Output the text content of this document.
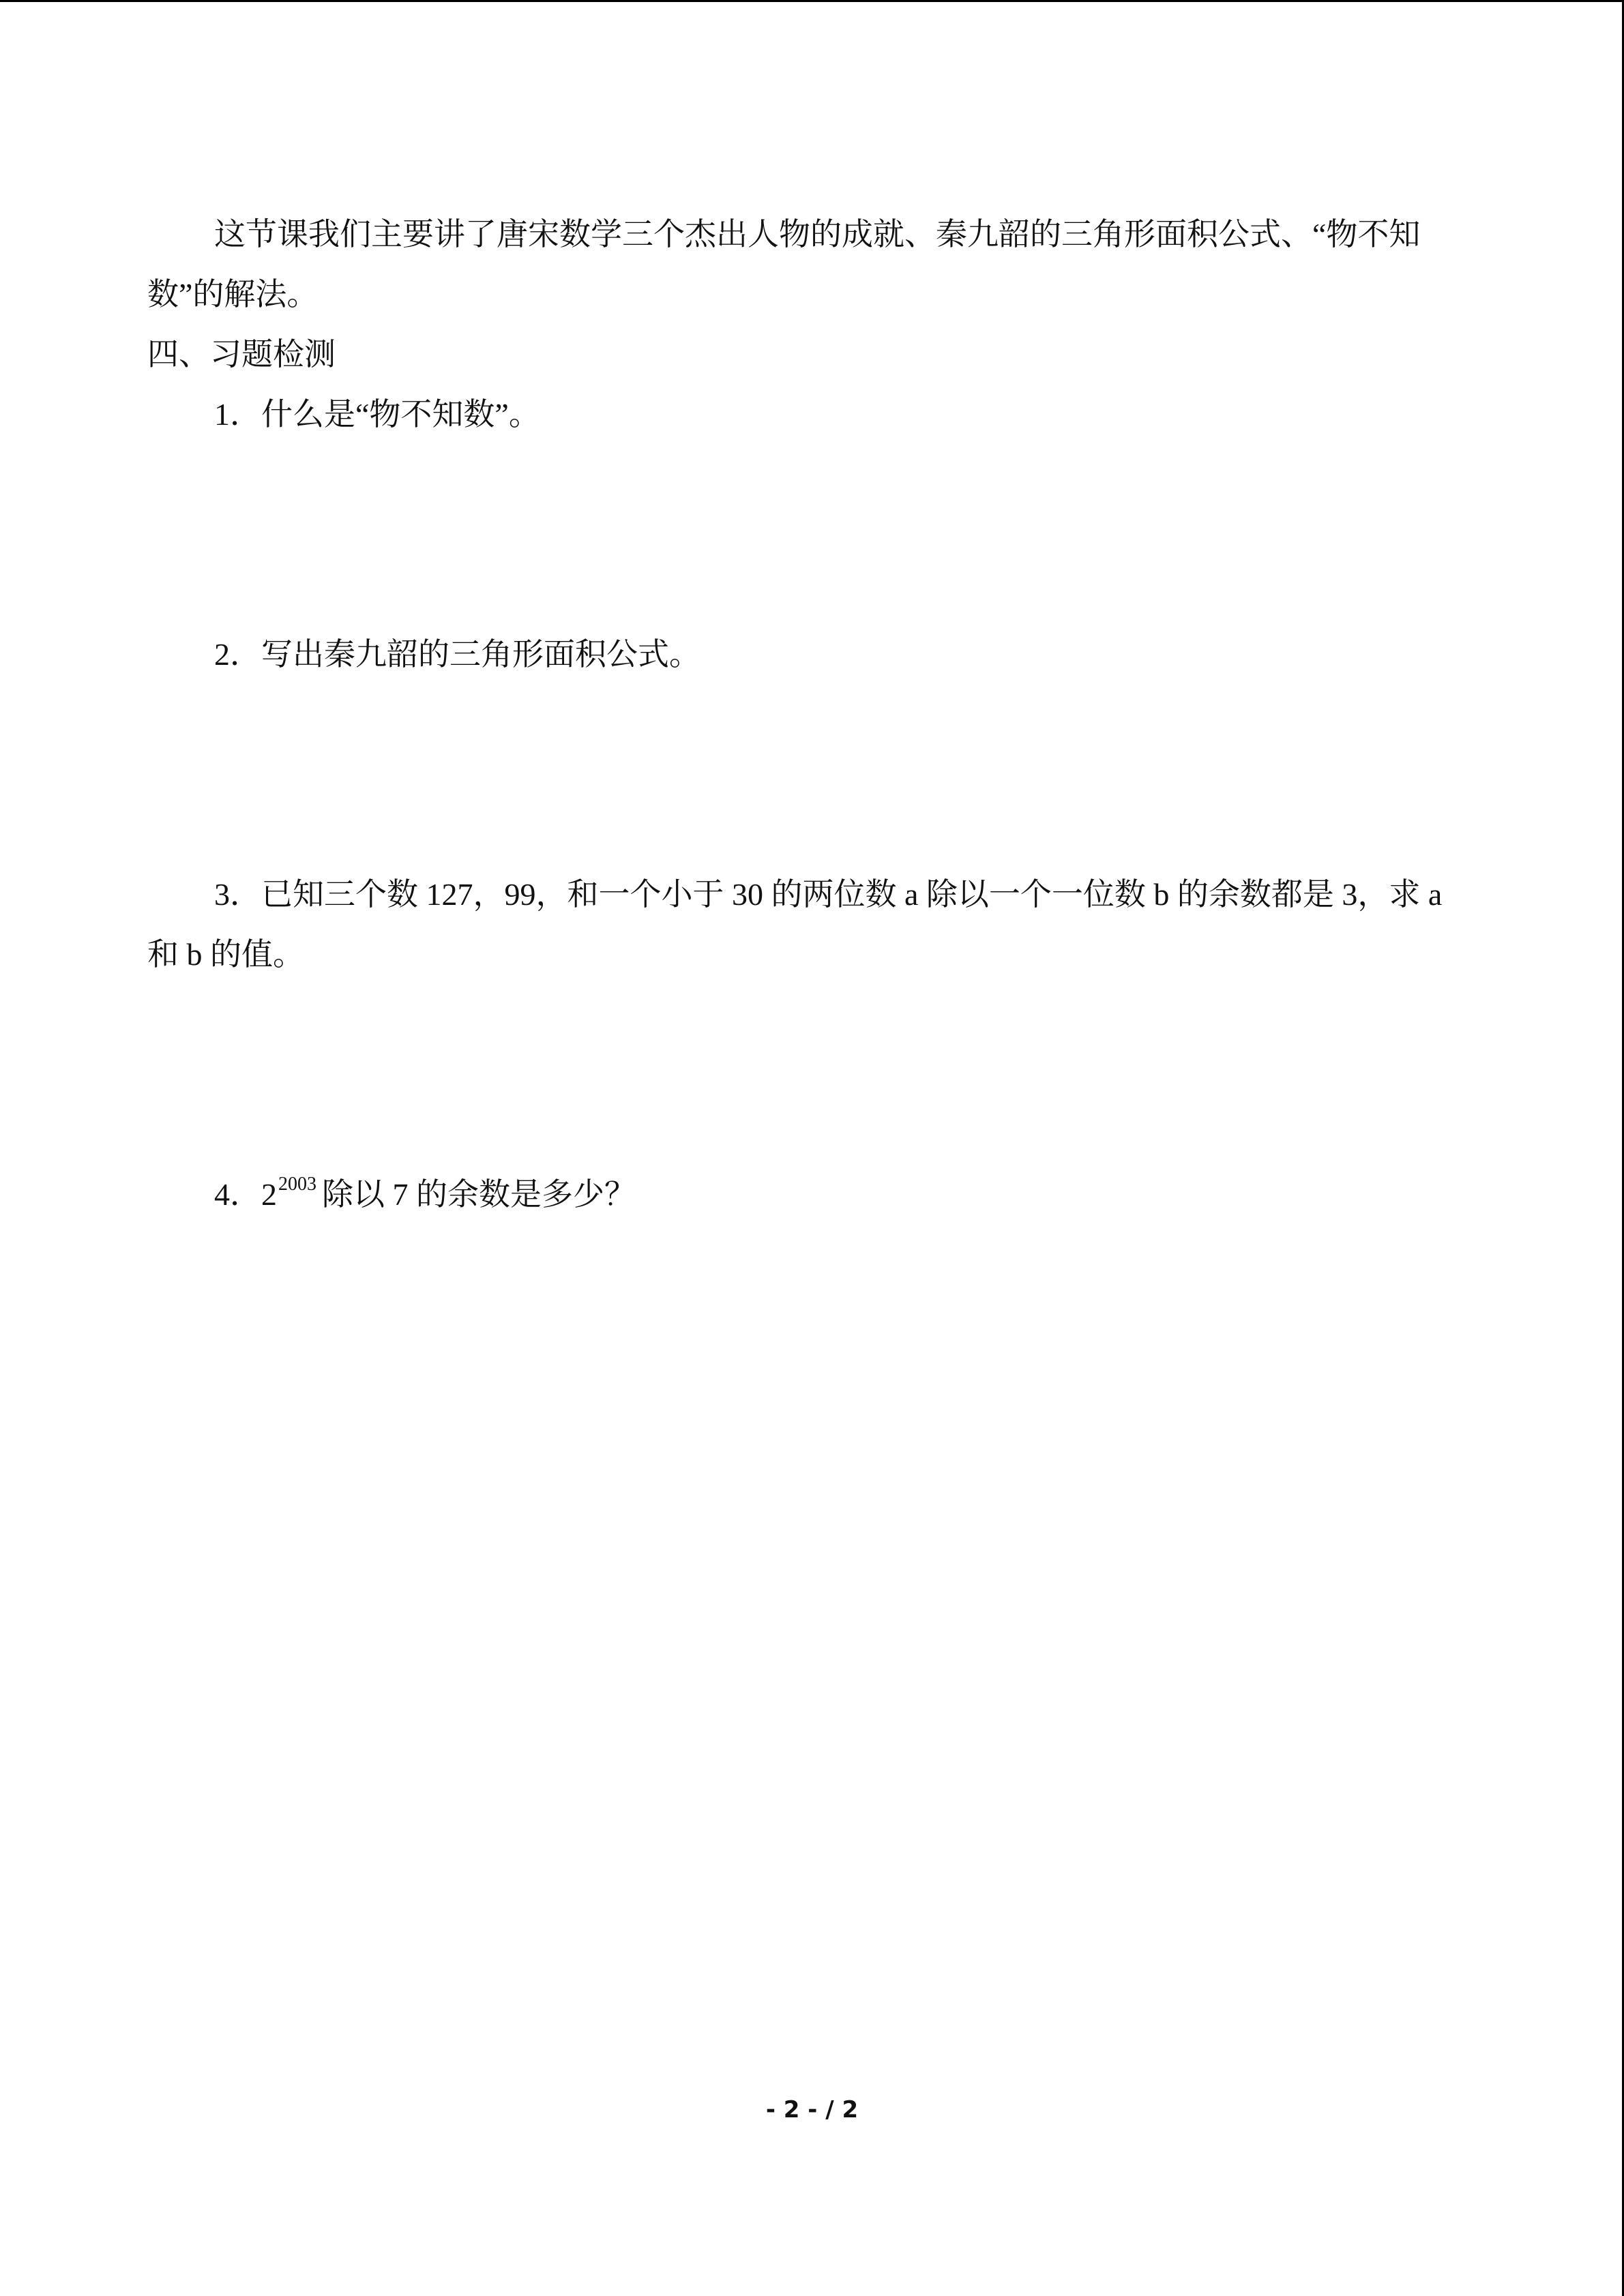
这节课我们主要讲了唐宋数学三个杰出人物的成就、秦九韶的三角形面积公式、“物不知数”的解法。

四、习题检测

1．什么是“物不知数”。

2．写出秦九韶的三角形面积公式。

3．已知三个数 127，99，和一个小于 30 的两位数 a 除以一个一位数 b 的余数都是 3，求 a 和 b 的值。

4．$2^{2003}$ 除以 7 的余数是多少？

- 2 - / 2
